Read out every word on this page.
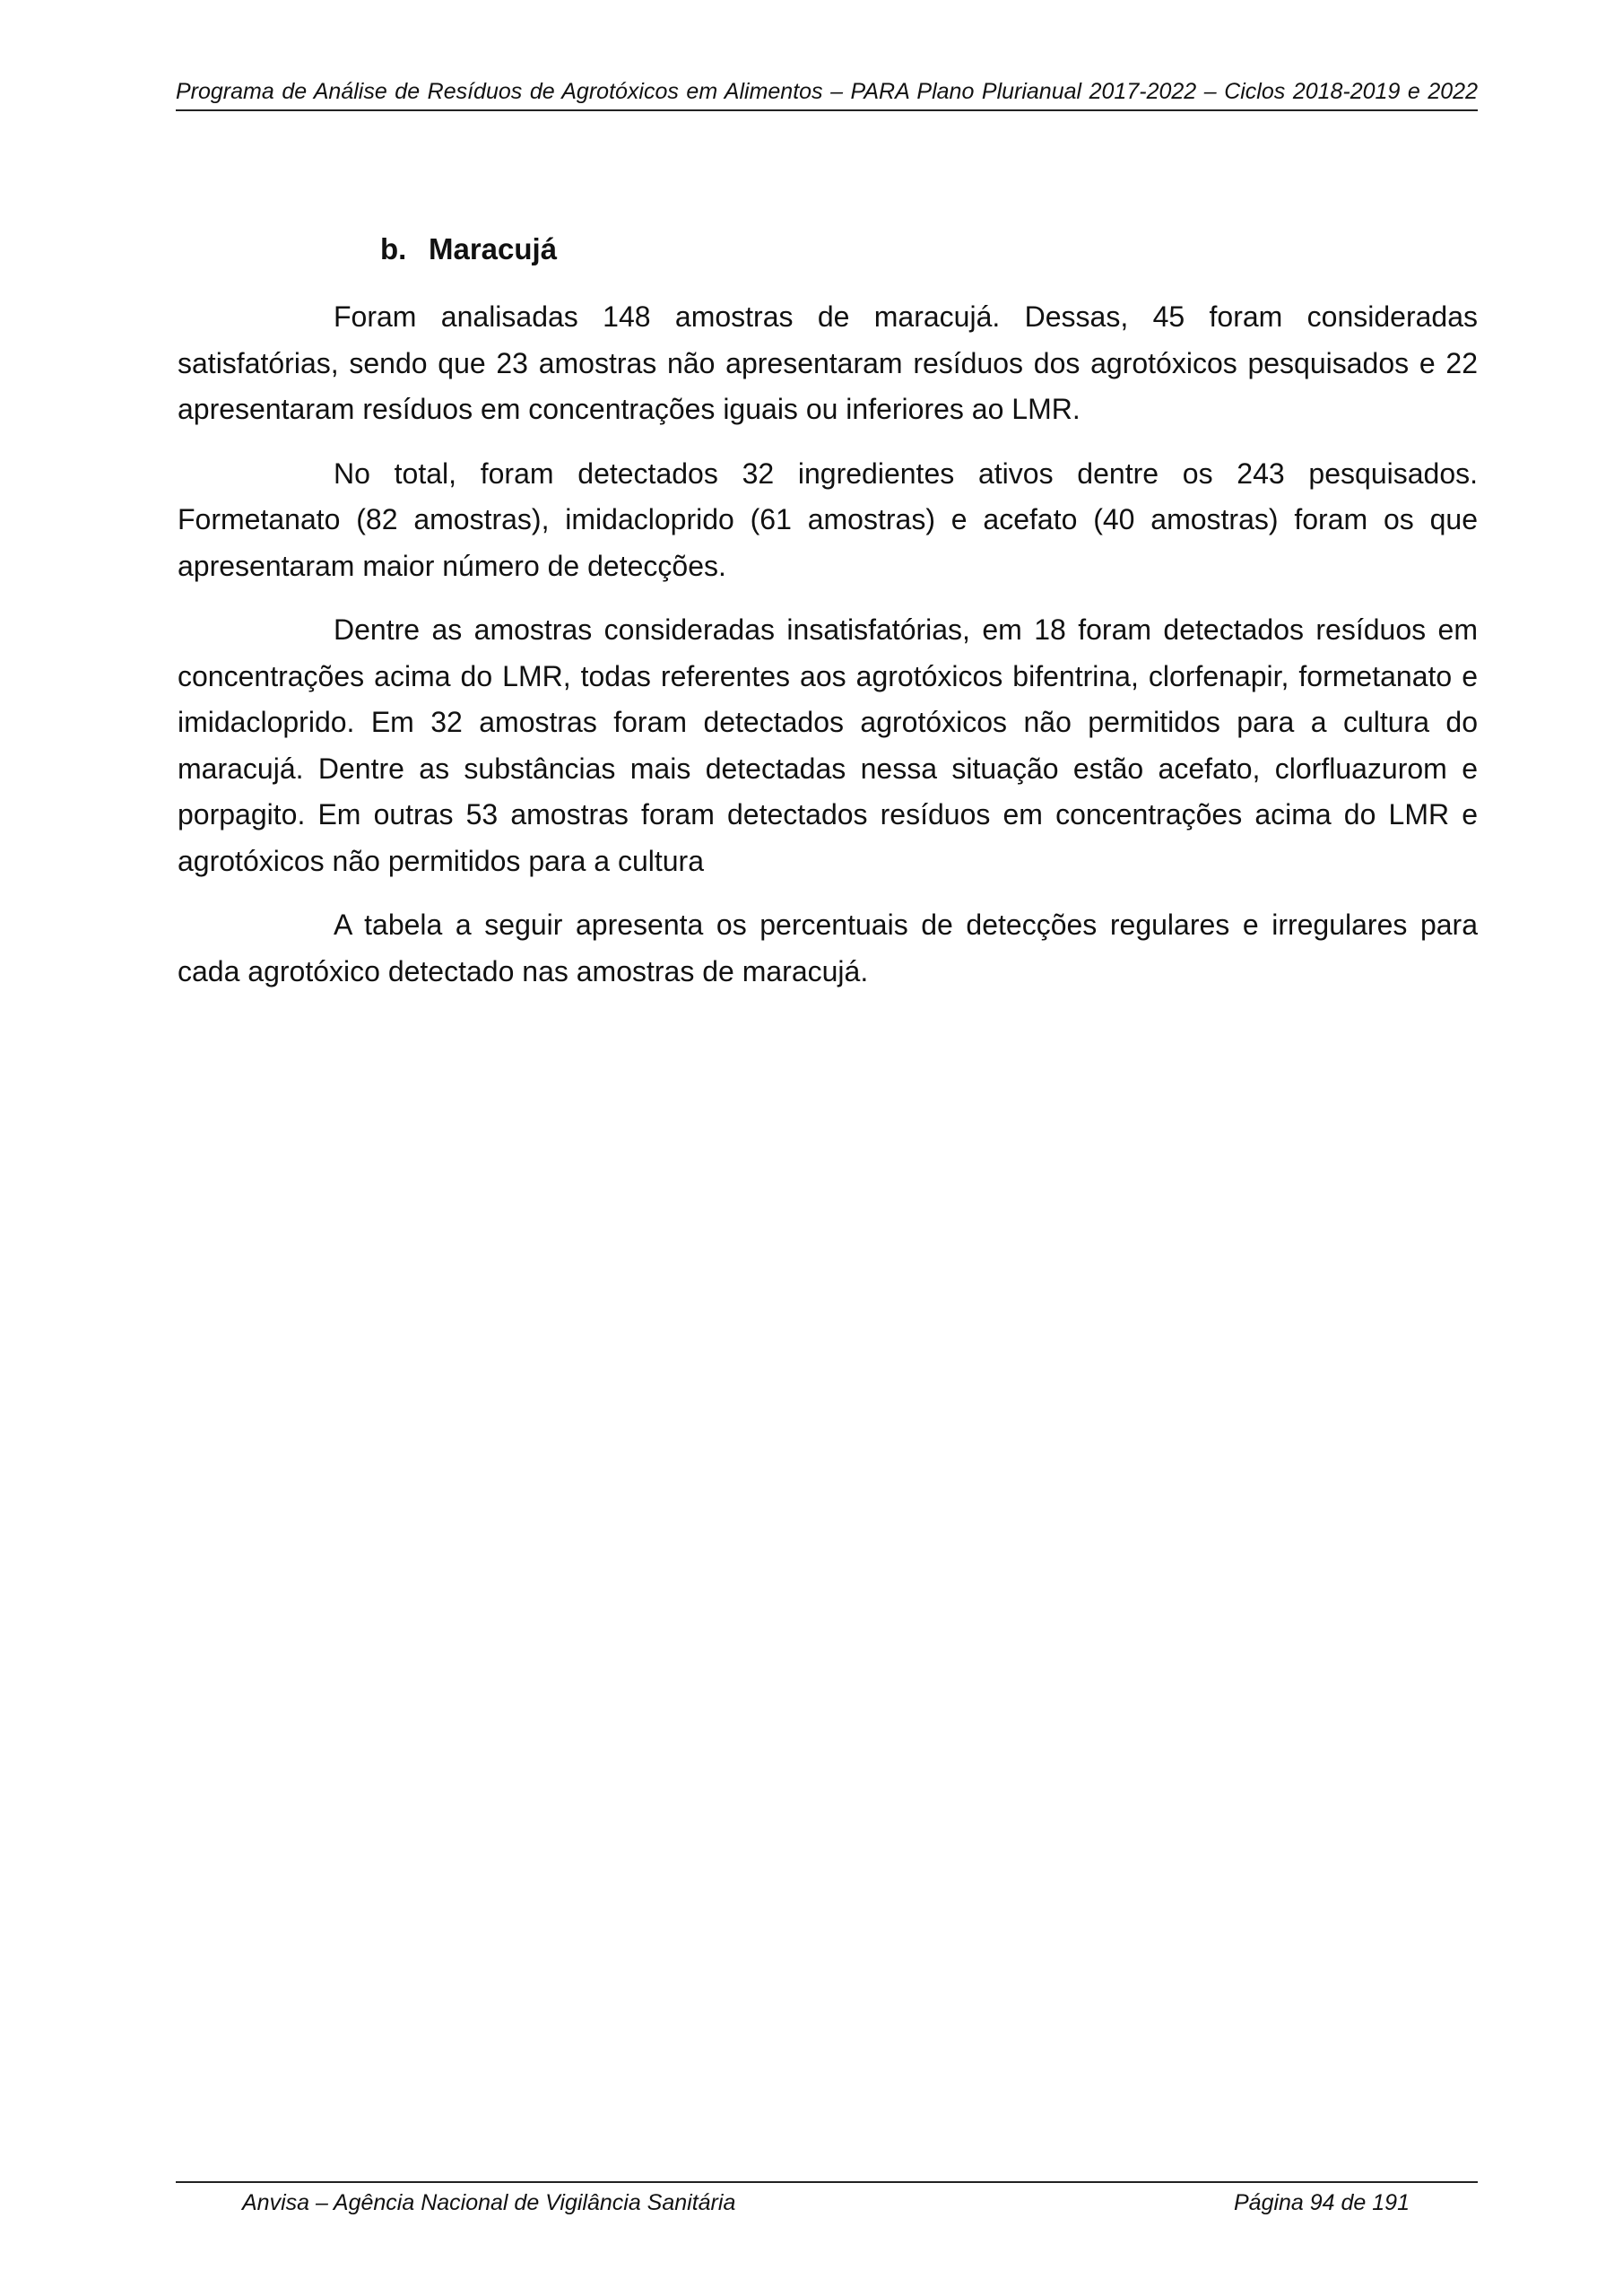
Programa de Análise de Resíduos de Agrotóxicos em Alimentos – PARA Plano Plurianual 2017-2022 – Ciclos 2018-2019 e 2022
b. Maracujá

Foram analisadas 148 amostras de maracujá. Dessas, 45 foram consideradas satisfatórias, sendo que 23 amostras não apresentaram resíduos dos agrotóxicos pesquisados e 22 apresentaram resíduos em concentrações iguais ou inferiores ao LMR.

No total, foram detectados 32 ingredientes ativos dentre os 243 pesquisados. Formetanato (82 amostras), imidacloprido (61 amostras) e acefato (40 amostras) foram os que apresentaram maior número de detecções.

Dentre as amostras consideradas insatisfatórias, em 18 foram detectados resíduos em concentrações acima do LMR, todas referentes aos agrotóxicos bifentrina, clorfenapir, formetanato e imidacloprido. Em 32 amostras foram detectados agrotóxicos não permitidos para a cultura do maracujá. Dentre as substâncias mais detectadas nessa situação estão acefato, clorfluazurom e porpagito. Em outras 53 amostras foram detectados resíduos em concentrações acima do LMR e agrotóxicos não permitidos para a cultura

A tabela a seguir apresenta os percentuais de detecções regulares e irregulares para cada agrotóxico detectado nas amostras de maracujá.

Anvisa – Agência Nacional de Vigilância Sanitária	Página 94 de 191
